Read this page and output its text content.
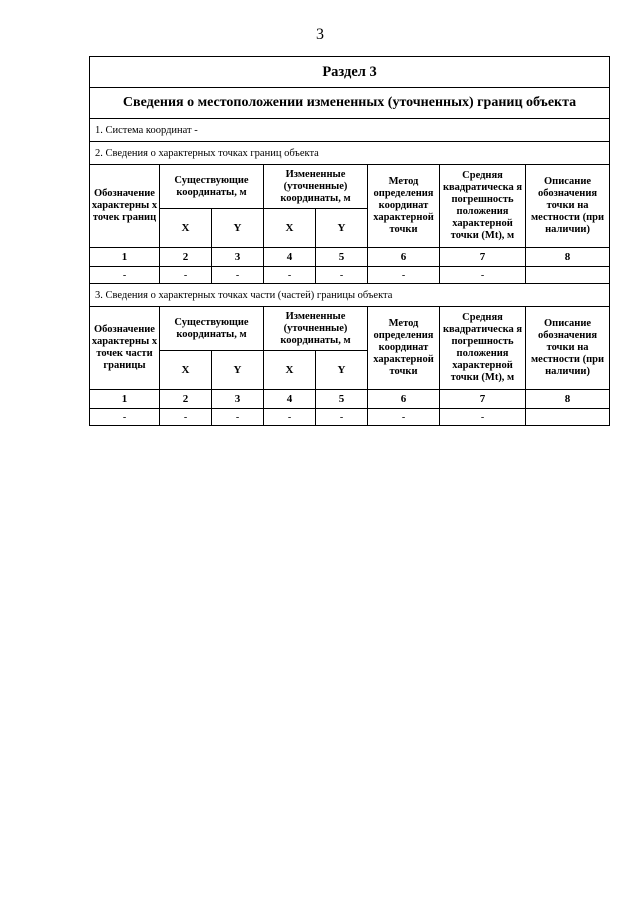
3
Раздел 3							
Сведения о местоположении измененных (уточненных) границ объекта							
1. Система координат -							
2. Сведения о характерных точках границ объекта							
Обозначение характерны х точек границ	Существующие координаты, м		Измененные (уточненные) координаты, м		Метод определения координат характерной точки	Средняя квадратическа я погрешность положения характерной точки (Mt), м	Описание обозначения точки на местности (при наличии)
	X	Y	X	Y			
1	2	3	4	5	6	7	8
-	-	-	-	-	-	-	
3. Сведения о характерных точках части (частей) границы объекта							
Обозначение характерны х точек части границы	Существующие координаты, м		Измененные (уточненные) координаты, м		Метод определения координат характерной точки	Средняя квадратическа я погрешность положения характерной точки (Mt), м	Описание обозначения точки на местности (при наличии)
	X	Y	X	Y			
1	2	3	4	5	6	7	8
-	-	-	-	-	-	-	
